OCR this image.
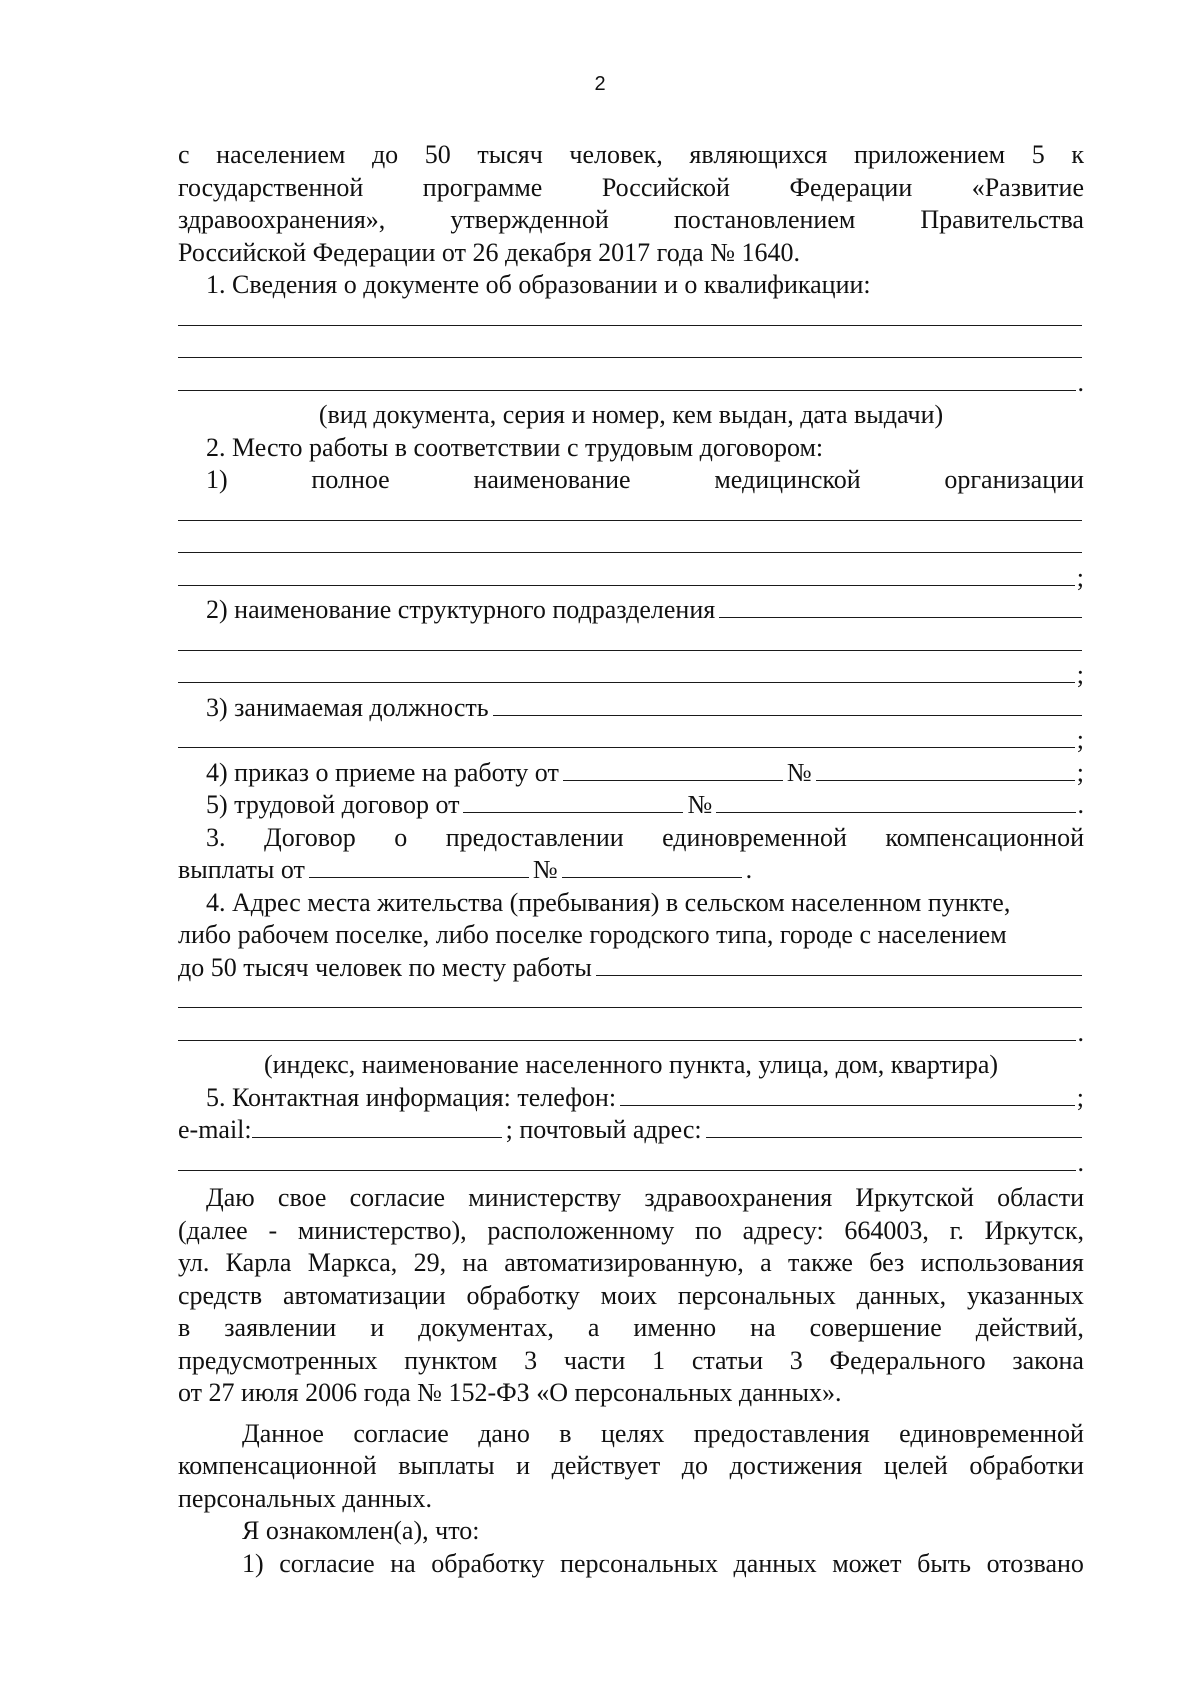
2
с населением до 50 тысяч человек, являющихся приложением 5 к
государственной программе Российской Федерации «Развитие
здравоохранения»,	утвержденной	постановлением	Правительства
Российской Федерации от 26 декабря 2017 года № 1640.
1. Сведения о документе об образовании и о квалификации:
.
(вид документа, серия и номер, кем выдан, дата выдачи)
2. Место работы в соответствии с трудовым договором:
1)	полное	наименование	медицинской	организации
;
2) наименование структурного подразделения
;
3) занимаемая должность
;
4) приказ о приеме на работу от	№	;
5) трудовой договор от	№	.
3. Договор о предоставлении единовременной компенсационной
выплаты от	№	.
4. Адрес места жительства (пребывания) в сельском населенном пункте,
либо рабочем поселке, либо поселке городского типа, городе с населением
до 50 тысяч человек по месту работы
.
(индекс, наименование населенного пункта, улица, дом, квартира)
5. Контактная информация: телефон:	;
e-mail:	; почтовый адрес:
.
Даю свое согласие министерству здравоохранения Иркутской области
(далее - министерство), расположенному по адресу: 664003, г. Иркутск,
ул. Карла Маркса, 29, на автоматизированную, а также без использования
средств автоматизации обработку моих персональных данных, указанных
в заявлении и документах, а именно на совершение действий,
предусмотренных пунктом 3 части 1 статьи 3 Федерального закона
от 27 июля 2006 года № 152-ФЗ «О персональных данных».
Данное согласие дано в целях предоставления единовременной
компенсационной выплаты и действует до достижения целей обработки
персональных данных.
Я ознакомлен(а), что:
1) согласие на обработку персональных данных может быть отозвано
